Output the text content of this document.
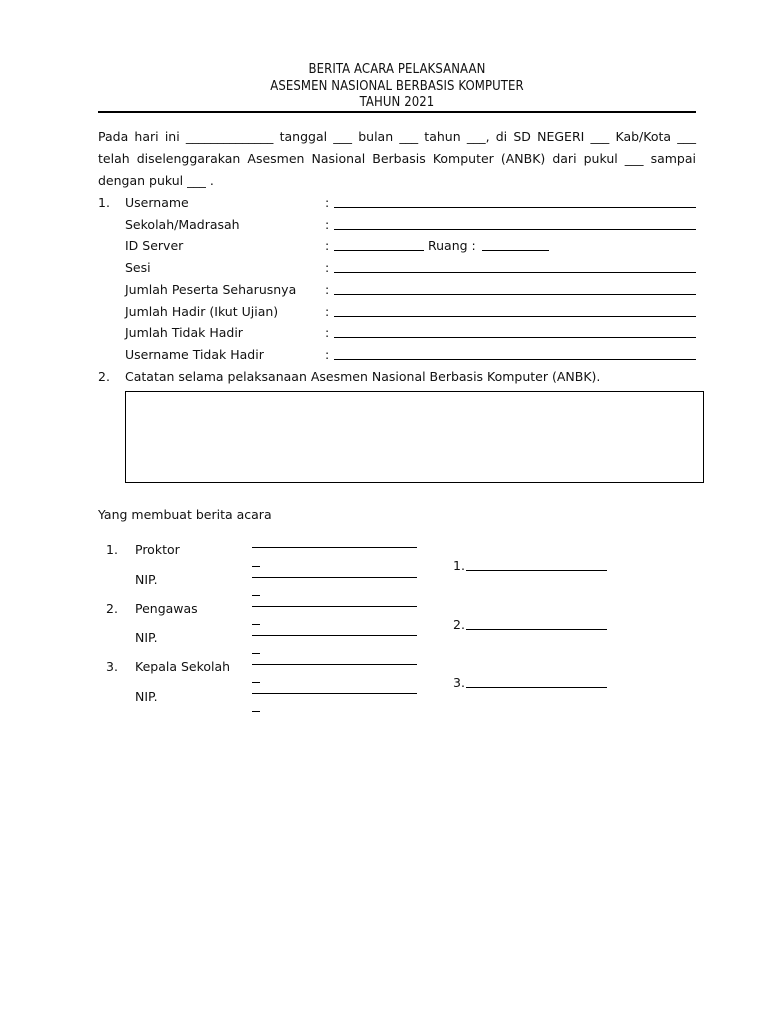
BERITA ACARA PELAKSANAAN
ASESMEN NASIONAL BERBASIS KOMPUTER
TAHUN 2021
Pada hari ini ______________ tanggal ___ bulan ___ tahun ___, di SD NEGERI ___ Kab/Kota ___
telah diselenggarakan Asesmen Nasional Berbasis Komputer (ANBK) dari pukul ___ sampai
dengan pukul ___ .
1. Username	:
Sekolah/Madrasah	:
ID Server	:	Ruang :
Sesi	:
Jumlah Peserta Seharusnya :
Jumlah Hadir (Ikut Ujian)	:
Jumlah Tidak Hadir	:
Username Tidak Hadir	:
2. Catatan selama pelaksanaan Asesmen Nasional Berbasis Komputer (ANBK).
Yang membuat berita acara
1. Proktor
NIP.
1.
2. Pengawas
NIP.
2.
3. Kepala Sekolah
NIP.
3.
